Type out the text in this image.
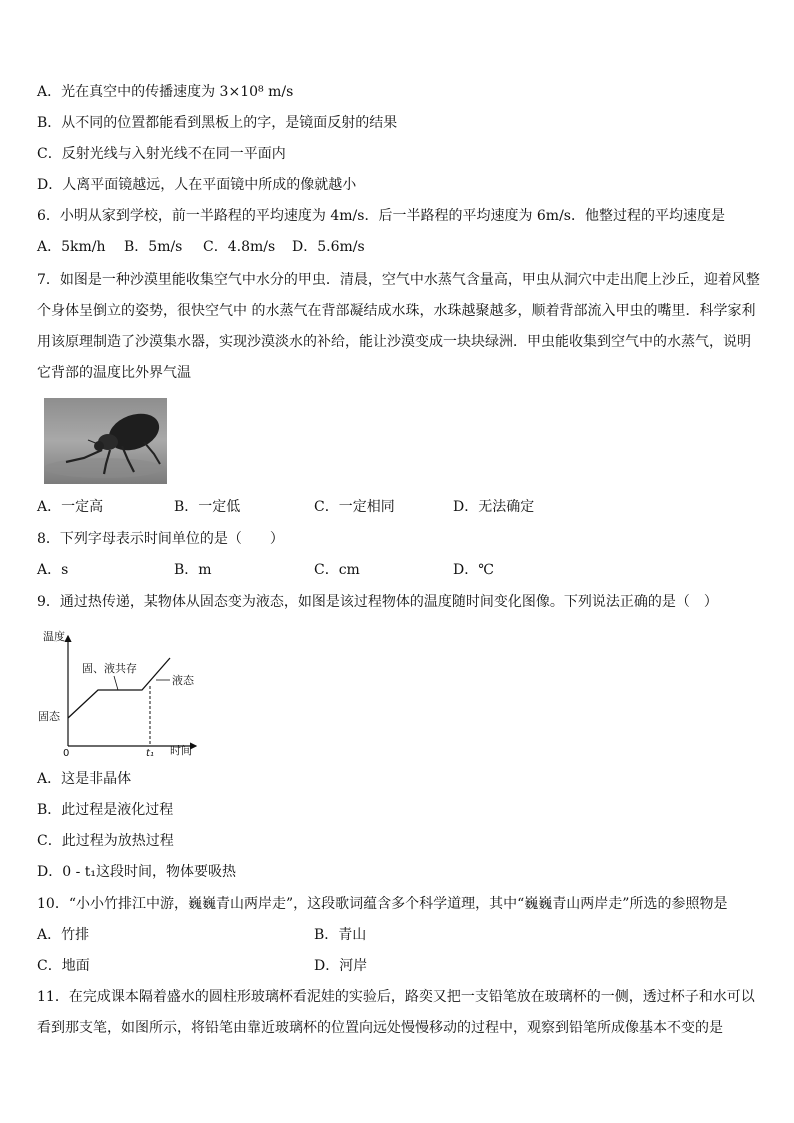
A．光在真空中的传播速度为 3×10⁸ m/s
B．从不同的位置都能看到黑板上的字，是镜面反射的结果
C．反射光线与入射光线不在同一平面内
D．人离平面镜越远，人在平面镜中所成的像就越小
6．小明从家到学校，前一半路程的平均速度为 4m/s．后一半路程的平均速度为 6m/s．他整过程的平均速度是
A．5km/h B．5m/s C．4.8m/s D．5.6m/s
7．如图是一种沙漠里能收集空气中水分的甲虫．清晨，空气中水蒸气含量高，甲虫从洞穴中走出爬上沙丘，迎着风整
个身体呈倒立的姿势，很快空气中 的水蒸气在背部凝结成水珠，水珠越聚越多，顺着背部流入甲虫的嘴里．科学家利
用该原理制造了沙漠集水器，实现沙漠淡水的补给，能让沙漠变成一块块绿洲．甲虫能收集到空气中的水蒸气，说明
它背部的温度比外界气温
A．一定高	B．一定低	C．一定相同	D．无法确定
8．下列字母表示时间单位的是（　　）
A．s	B．m	C．cm	D．℃
9．通过热传递，某物体从固态变为液态，如图是该过程物体的温度随时间变化图像。下列说法正确的是（　）
温度
时间
0	t₁
固态
固、液共存
液态
A．这是非晶体
B．此过程是液化过程
C．此过程为放热过程
D．0 - t₁这段时间，物体要吸热
10．“小小竹排江中游，巍巍青山两岸走”，这段歌词蕴含多个科学道理，其中“巍巍青山两岸走”所选的参照物是
A．竹排	B．青山
C．地面	D．河岸
11．在完成课本隔着盛水的圆柱形玻璃杯看泥娃的实验后，路奕又把一支铅笔放在玻璃杯的一侧，透过杯子和水可以
看到那支笔，如图所示，将铅笔由靠近玻璃杯的位置向远处慢慢移动的过程中，观察到铅笔所成像基本不变的是
